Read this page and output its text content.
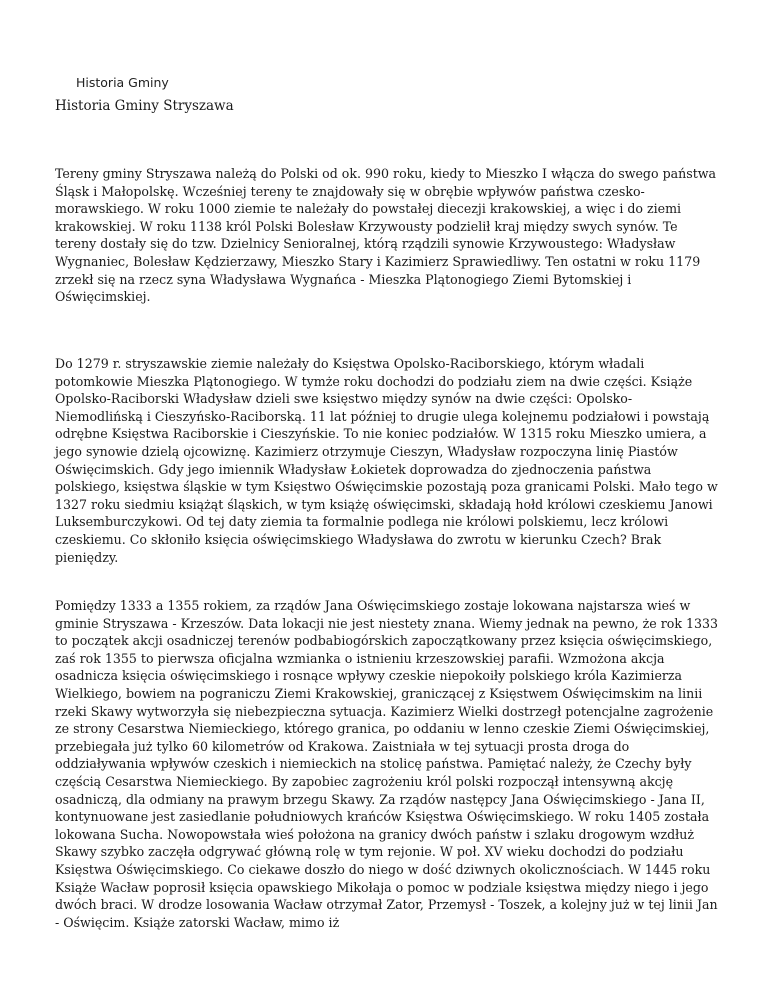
Historia Gminy

Historia Gminy Stryszawa

Tereny gminy Stryszawa należą do Polski od ok. 990 roku, kiedy to Mieszko I włącza do swego państwa Śląsk i Małopolskę. Wcześniej tereny te znajdowały się w obrębie wpływów państwa czesko-morawskiego. W roku 1000 ziemie te należały do powstałej diecezji krakowskiej, a więc i do ziemi krakowskiej. W roku 1138 król Polski Bolesław Krzywousty podzielił kraj między swych synów. Te tereny dostały się do tzw. Dzielnicy Senioralnej, którą rządzili synowie Krzywoustego: Władysław Wygnaniec, Bolesław Kędzierzawy, Mieszko Stary i Kazimierz Sprawiedliwy. Ten ostatni w roku 1179 zrzekł się na rzecz syna Władysława Wygnańca - Mieszka Plątonogiego Ziemi Bytomskiej i Oświęcimskiej.

Do 1279 r. stryszawskie ziemie należały do Księstwa Opolsko-Raciborskiego, którym władali potomkowie Mieszka Plątonogiego. W tymże roku dochodzi do podziału ziem na dwie części. Książe Opolsko-Raciborski Władysław dzieli swe księstwo między synów na dwie części: Opolsko-Niemodlińską i Cieszyńsko-Raciborską. 11 lat później to drugie ulega kolejnemu podziałowi i powstają odrębne Księstwa Raciborskie i Cieszyńskie. To nie koniec podziałów. W 1315 roku Mieszko umiera, a jego synowie dzielą ojcowiznę. Kazimierz otrzymuje Cieszyn, Władysław rozpoczyna linię Piastów Oświęcimskich. Gdy jego imiennik Władysław Łokietek doprowadza do zjednoczenia państwa polskiego, księstwa śląskie w tym Księstwo Oświęcimskie pozostają poza granicami Polski. Mało tego w 1327 roku siedmiu książąt śląskich, w tym książę oświęcimski, składają hołd królowi czeskiemu Janowi Luksemburczykowi. Od tej daty ziemia ta formalnie podlega nie królowi polskiemu, lecz królowi czeskiemu. Co skłoniło księcia oświęcimskiego Władysława do zwrotu w kierunku Czech? Brak pieniędzy.

Pomiędzy 1333 a 1355 rokiem, za rządów Jana Oświęcimskiego zostaje lokowana najstarsza wieś w gminie Stryszawa - Krzeszów. Data lokacji nie jest niestety znana. Wiemy jednak na pewno, że rok 1333 to początek akcji osadniczej terenów podbabiogórskich zapoczątkowany przez księcia oświęcimskiego, zaś rok 1355 to pierwsza oficjalna wzmianka o istnieniu krzeszowskiej parafii. Wzmożona akcja osadnicza księcia oświęcimskiego i rosnące wpływy czeskie niepokoiły polskiego króla Kazimierza Wielkiego, bowiem na pograniczu Ziemi Krakowskiej, graniczącej z Księstwem Oświęcimskim na linii rzeki Skawy wytworzyła się niebezpieczna sytuacja. Kazimierz Wielki dostrzegł potencjalne zagrożenie ze strony Cesarstwa Niemieckiego, którego granica, po oddaniu w lenno czeskie Ziemi Oświęcimskiej, przebiegała już tylko 60 kilometrów od Krakowa. Zaistniała w tej sytuacji prosta droga do oddziaływania wpływów czeskich i niemieckich na stolicę państwa. Pamiętać należy, że Czechy były częścią Cesarstwa Niemieckiego. By zapobiec zagrożeniu król polski rozpoczął intensywną akcję osadniczą, dla odmiany na prawym brzegu Skawy. Za rządów następcy Jana Oświęcimskiego - Jana II, kontynuowane jest zasiedlanie południowych krańców Księstwa Oświęcimskiego. W roku 1405 została lokowana Sucha. Nowopowstała wieś położona na granicy dwóch państw i szlaku drogowym wzdłuż Skawy szybko zaczęła odgrywać główną rolę w tym rejonie. W poł. XV wieku dochodzi do podziału Księstwa Oświęcimskiego. Co ciekawe doszło do niego w dość dziwnych okolicznościach. W 1445 roku Książe Wacław poprosił księcia opawskiego Mikołaja o pomoc w podziale księstwa między niego i jego dwóch braci. W drodze losowania Wacław otrzymał Zator, Przemysł - Toszek, a kolejny już w tej linii Jan - Oświęcim. Książe zatorski Wacław, mimo iż
